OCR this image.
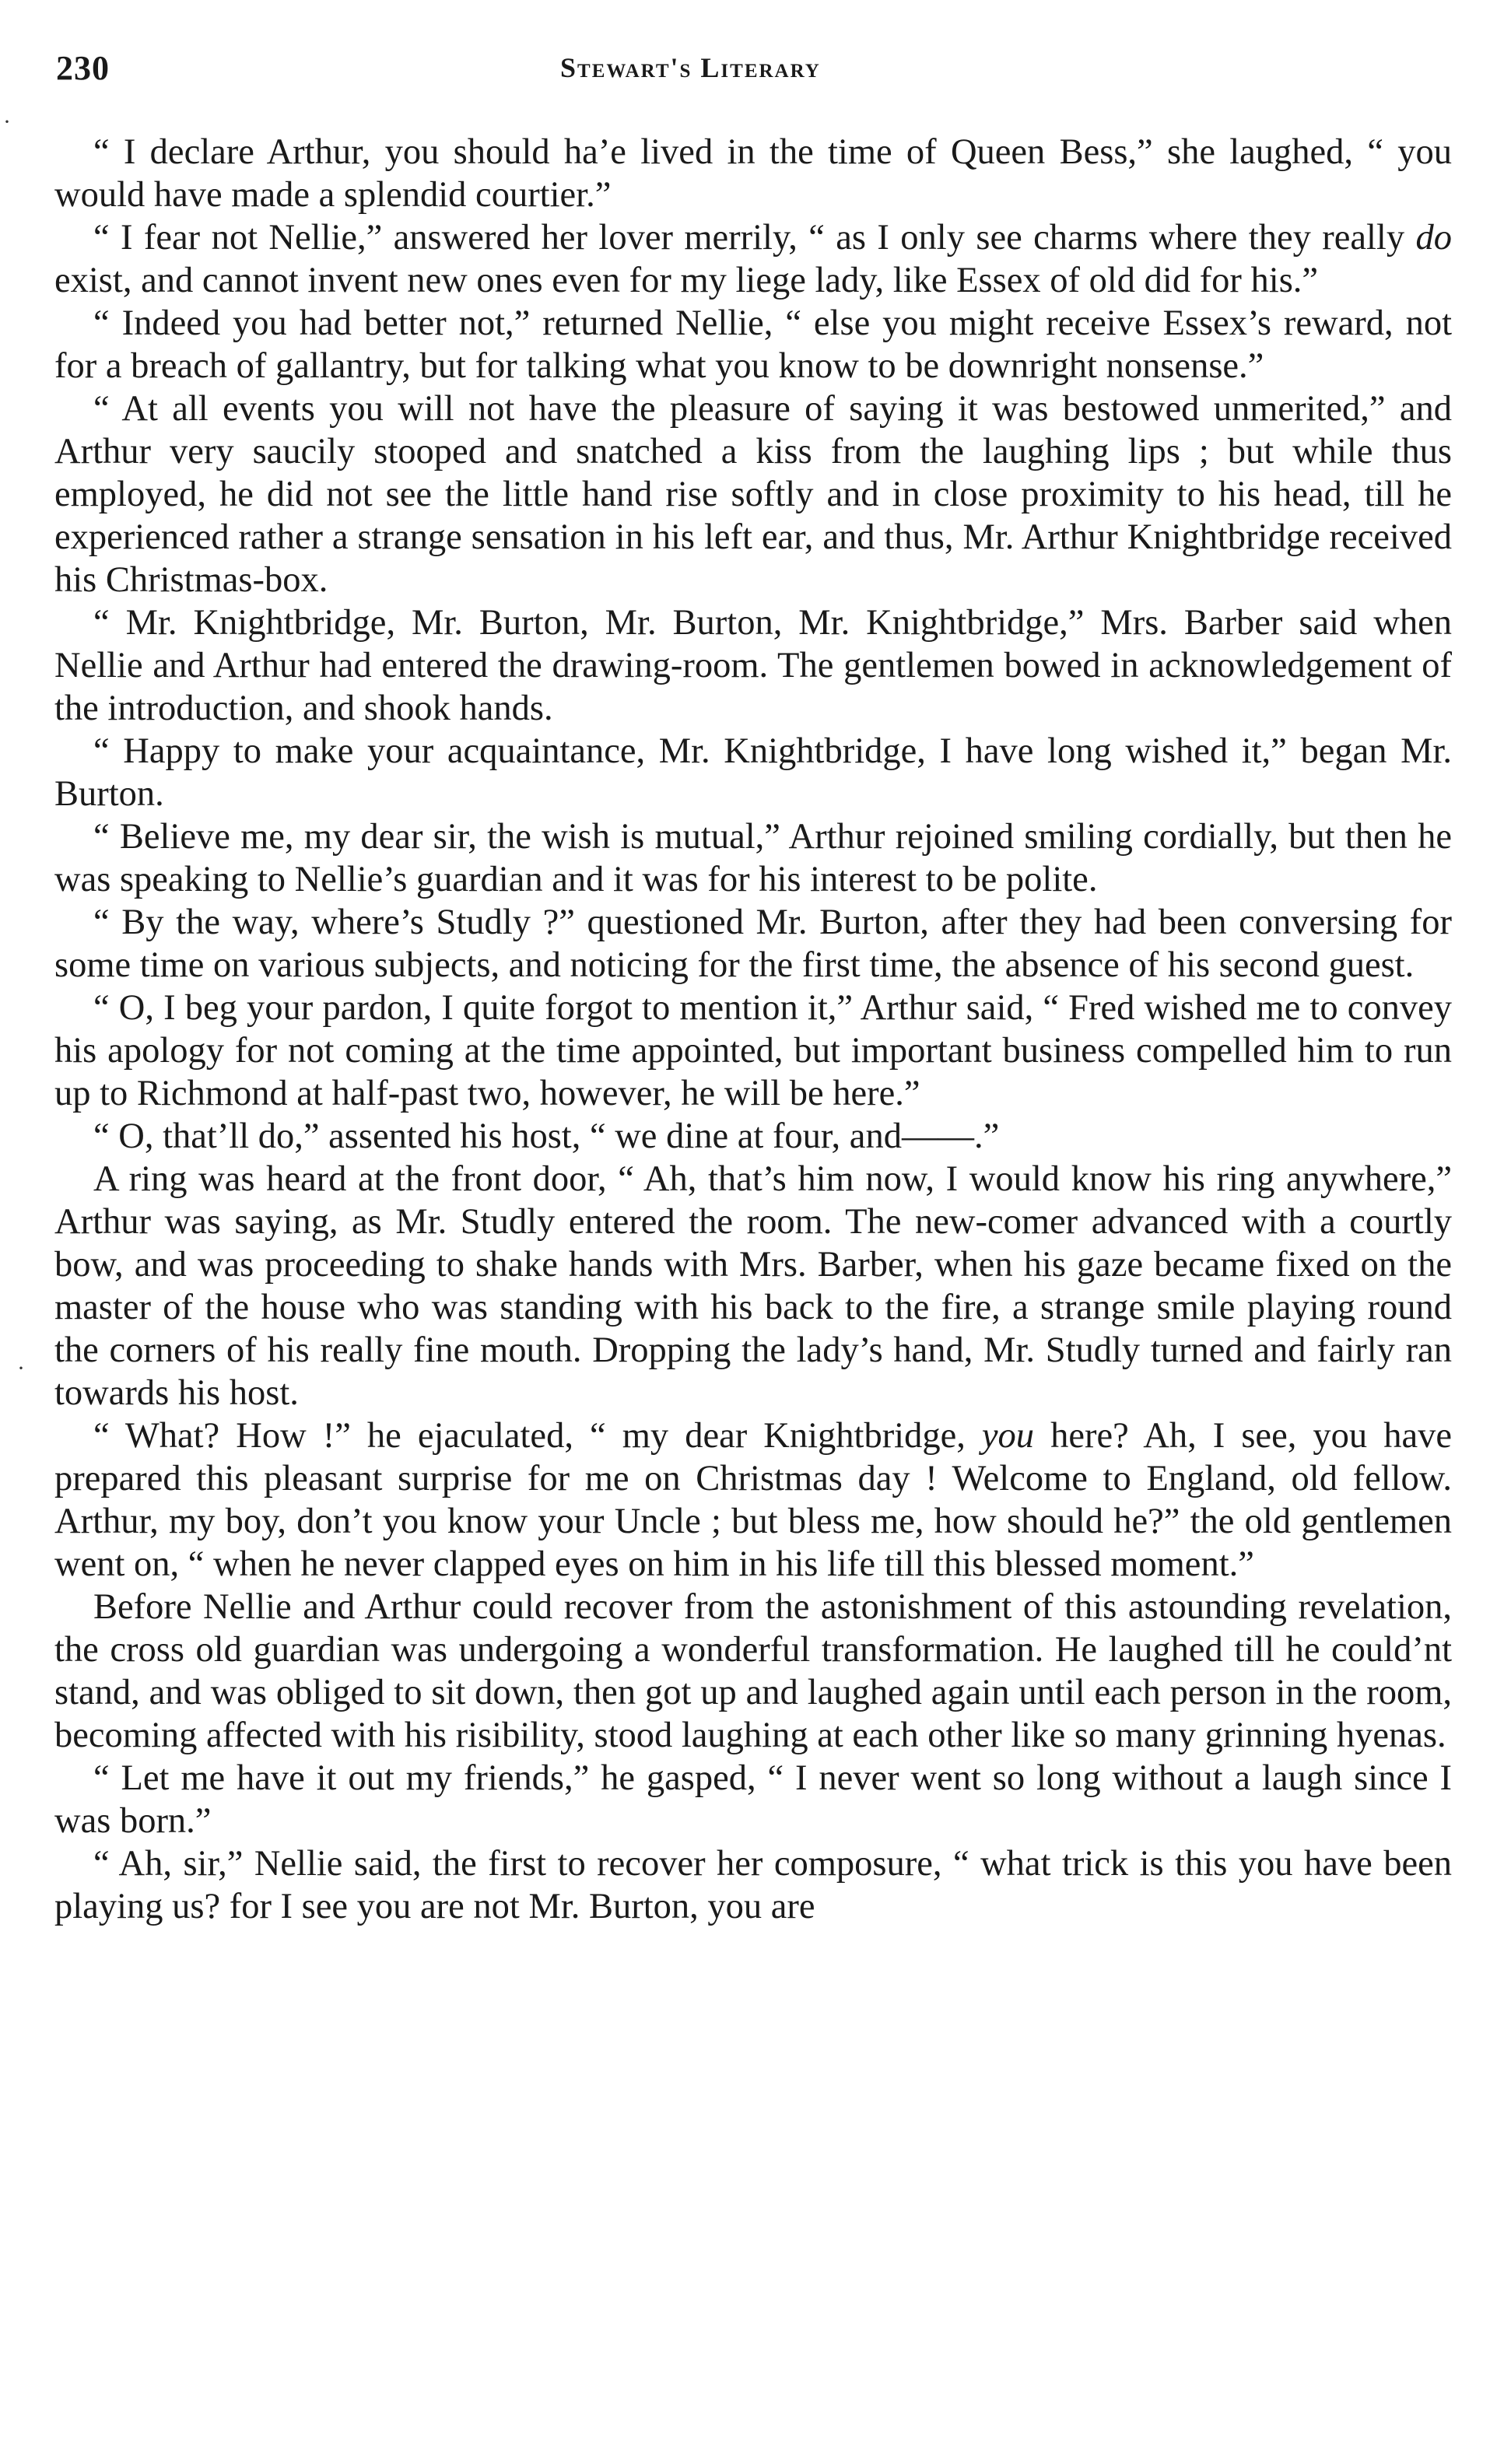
230	Stewart's Literary
·
·

“ I declare Arthur, you should ha’e lived in the time of Queen Bess,” she laughed, “ you would have made a splendid courtier.”

“ I fear not Nellie,” answered her lover merrily, “ as I only see charms where they really do exist, and cannot invent new ones even for my liege lady, like Essex of old did for his.”

“ Indeed you had better not,” returned Nellie, “ else you might receive Essex’s reward, not for a breach of gallantry, but for talking what you know to be downright nonsense.”

“ At all events you will not have the pleasure of saying it was bestowed unmerited,” and Arthur very saucily stooped and snatched a kiss from the laughing lips ; but while thus employed, he did not see the little hand rise softly and in close proximity to his head, till he experienced rather a strange sensation in his left ear, and thus, Mr. Arthur Knightbridge received his Christmas-box.

“ Mr. Knightbridge, Mr. Burton, Mr. Burton, Mr. Knightbridge,” Mrs. Barber said when Nellie and Arthur had entered the drawing-room. The gentlemen bowed in acknowledgement of the introduction, and shook hands.

“ Happy to make your acquaintance, Mr. Knightbridge, I have long wished it,” began Mr. Burton.

“ Believe me, my dear sir, the wish is mutual,” Arthur rejoined smiling cordially, but then he was speaking to Nellie’s guardian and it was for his interest to be polite.

“ By the way, where’s Studly ?” questioned Mr. Burton, after they had been conversing for some time on various subjects, and noticing for the first time, the absence of his second guest.

“ O, I beg your pardon, I quite forgot to mention it,” Arthur said, “ Fred wished me to convey his apology for not coming at the time appointed, but important business compelled him to run up to Richmond at half-past two, however, he will be here.”

“ O, that’ll do,” assented his host, “ we dine at four, and——.”

A ring was heard at the front door, “ Ah, that’s him now, I would know his ring anywhere,” Arthur was saying, as Mr. Studly entered the room. The new-comer advanced with a courtly bow, and was proceeding to shake hands with Mrs. Barber, when his gaze became fixed on the master of the house who was standing with his back to the fire, a strange smile playing round the corners of his really fine mouth. Dropping the lady’s hand, Mr. Studly turned and fairly ran towards his host.

“ What? How !” he ejaculated, “ my dear Knightbridge, you here? Ah, I see, you have prepared this pleasant surprise for me on Christmas day ! Welcome to England, old fellow. Arthur, my boy, don’t you know your Uncle ; but bless me, how should he?” the old gentlemen went on, “ when he never clapped eyes on him in his life till this blessed moment.”

Before Nellie and Arthur could recover from the astonishment of this astounding revelation, the cross old guardian was undergoing a wonderful transformation. He laughed till he could’nt stand, and was obliged to sit down, then got up and laughed again until each person in the room, becoming affected with his risibility, stood laughing at each other like so many grinning hyenas.

“ Let me have it out my friends,” he gasped, “ I never went so long without a laugh since I was born.”

“ Ah, sir,” Nellie said, the first to recover her composure, “ what trick is this you have been playing us? for I see you are not Mr. Burton, you are
